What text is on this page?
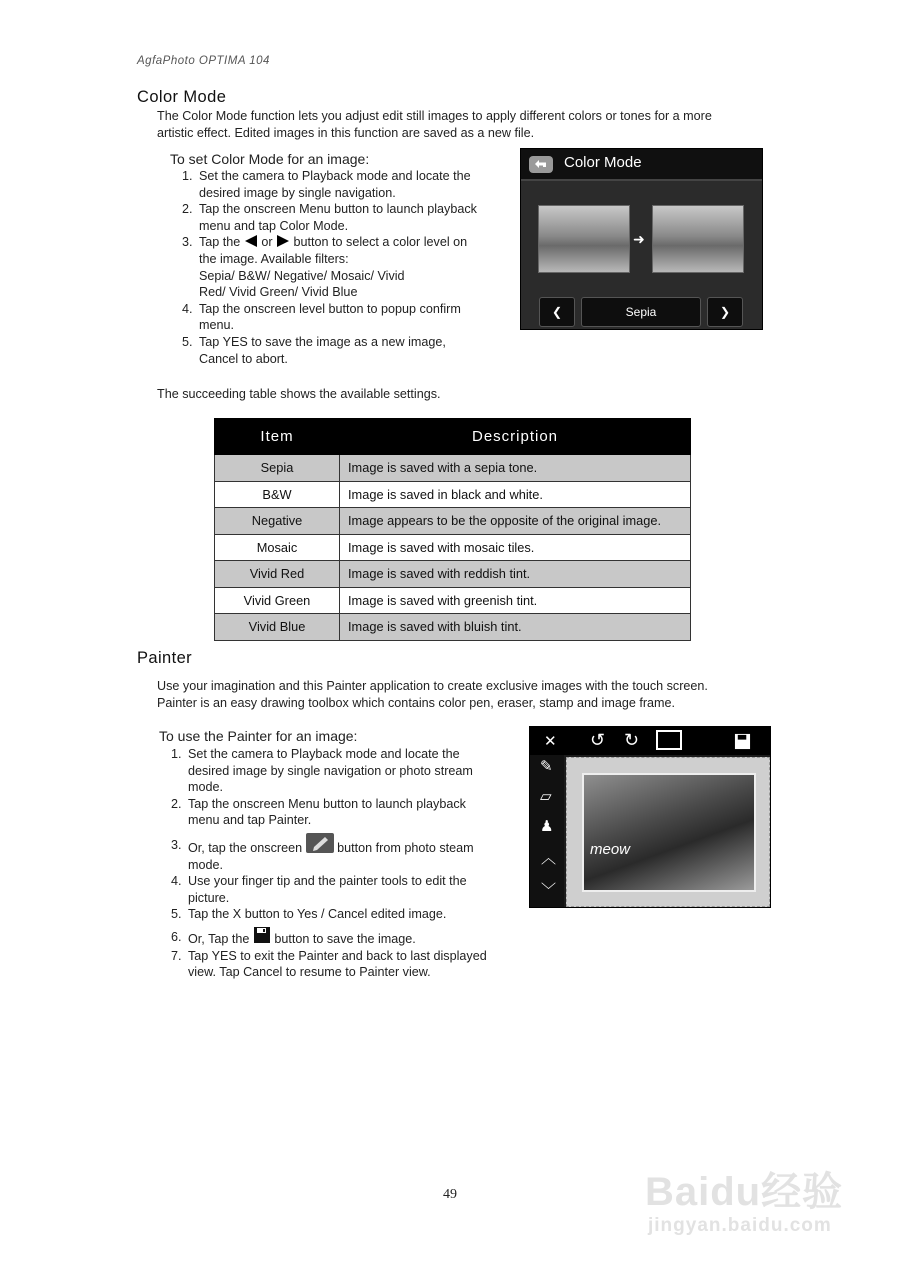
AgfaPhoto OPTIMA 104
Color Mode
The Color Mode function lets you adjust edit still images to apply different colors or tones for a more
artistic effect. Edited images in this function are saved as a new file.
To set Color Mode for an image:
1. Set the camera to Playback mode and locate the
desired image by single navigation.
2. Tap the onscreen Menu button to launch playback
menu and tap Color Mode.
3. Tap the or button to select a color level on
the image. Available filters:
Sepia/ B&W/ Negative/ Mosaic/ Vivid
Red/ Vivid Green/ Vivid Blue
4. Tap the onscreen level button to popup confirm
menu.
5. Tap YES to save the image as a new image,
Cancel to abort.
Color Mode
➜
❮	Sepia	❯
The succeeding table shows the available settings.
Item	Description
Sepia	Image is saved with a sepia tone.
B&W	Image is saved in black and white.
Negative	Image appears to be the opposite of the original image.
Mosaic	Image is saved with mosaic tiles.
Vivid Red	Image is saved with reddish tint.
Vivid Green	Image is saved with greenish tint.
Vivid Blue	Image is saved with bluish tint.
Painter
Use your imagination and this Painter application to create exclusive images with the touch screen.
Painter is an easy drawing toolbox which contains color pen, eraser, stamp and image frame.
To use the Painter for an image:
1. Set the camera to Playback mode and locate the
desired image by single navigation or photo stream
mode.
2. Tap the onscreen Menu button to launch playback
menu and tap Painter.
3. Or, tap the onscreen	button from photo steam
mode.
4. Use your finger tip and the painter tools to edit the
picture.
5. Tap the X button to Yes / Cancel edited image.
6. Or, Tap the button to save the image.
7. Tap YES to exit the Painter and back to last displayed
view. Tap Cancel to resume to Painter view.
✕ ↺ ↻
✎
▱
♟
︿
﹀
meow
49	Baidu经验
jingyan.baidu.com
